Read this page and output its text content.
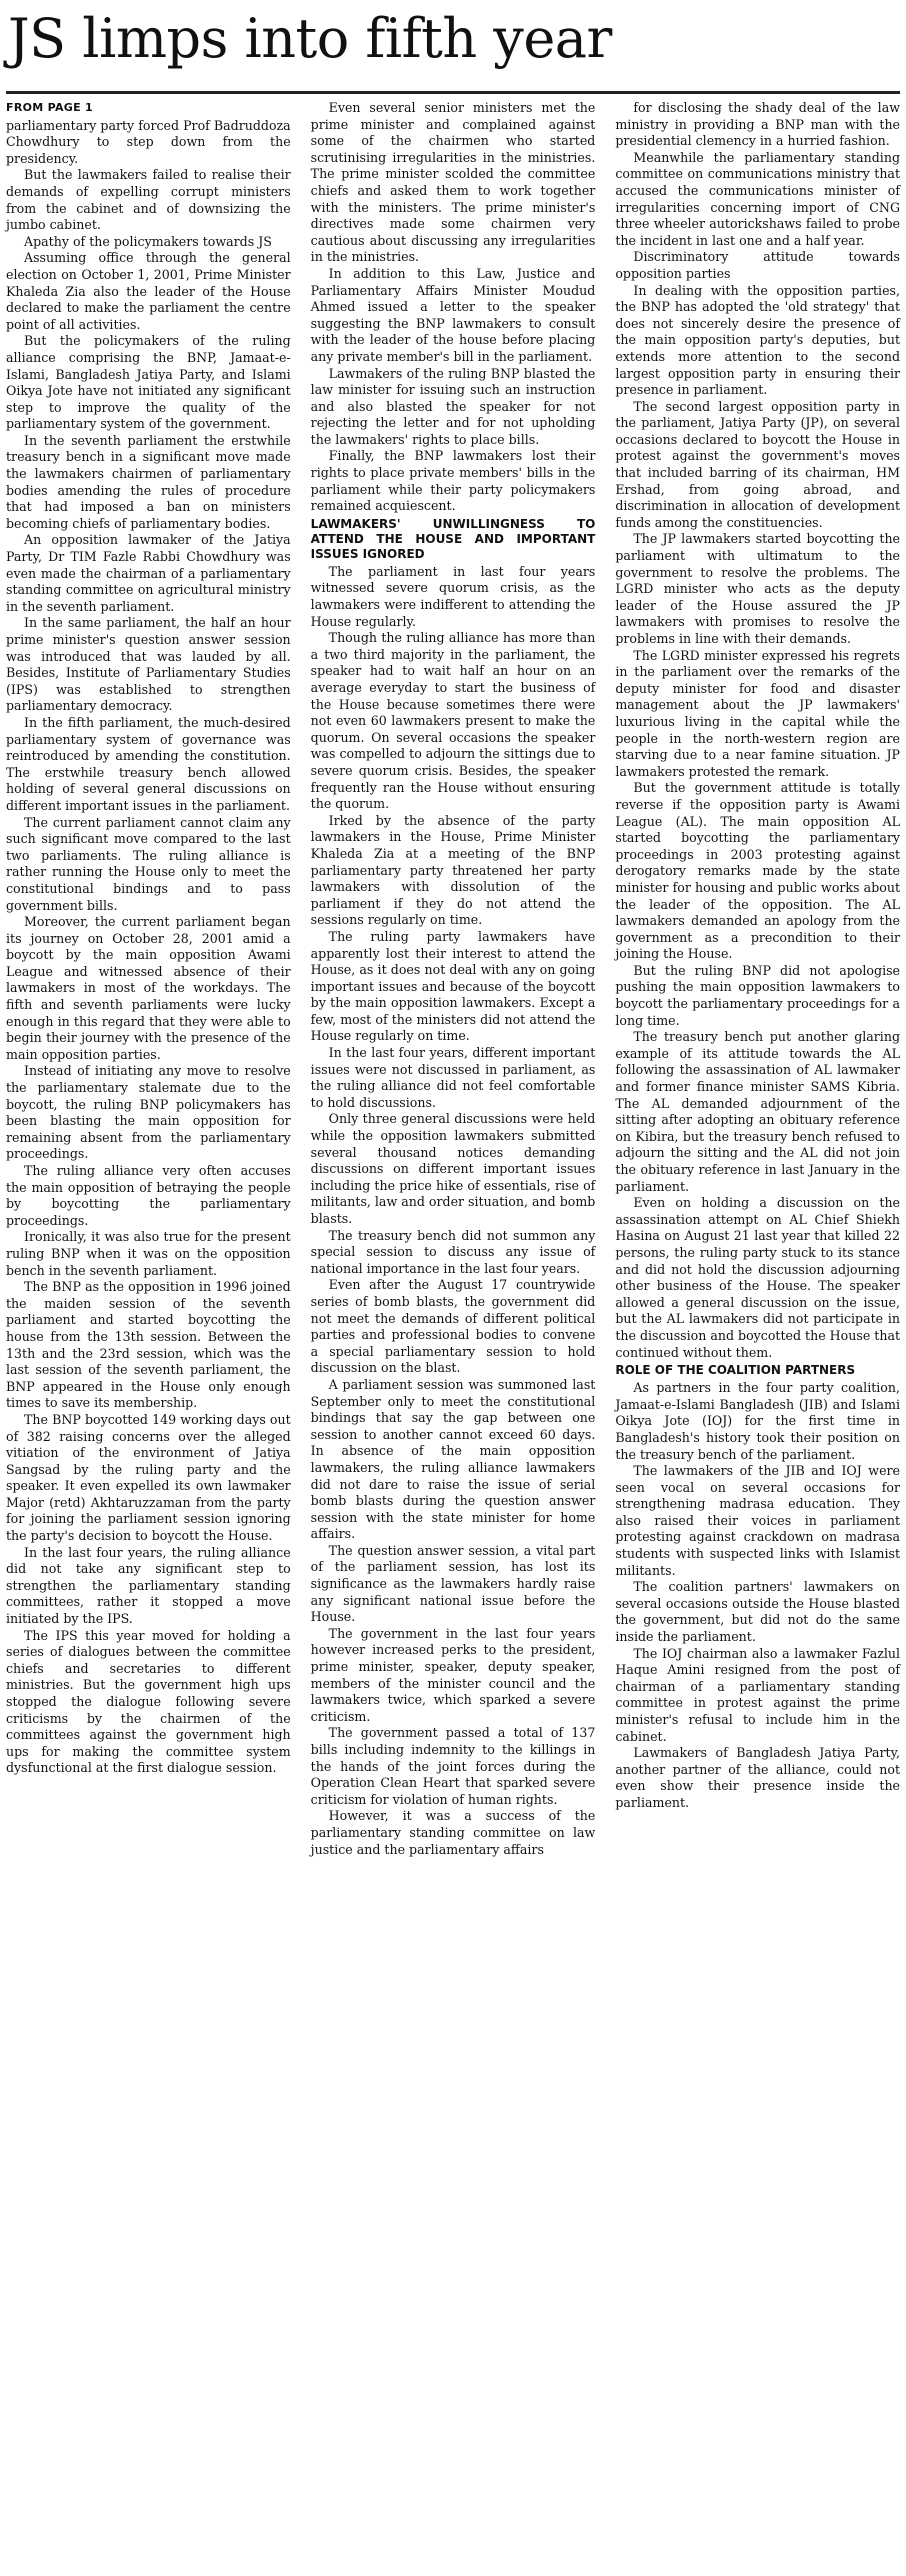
JS limps into fifth year
FROM PAGE 1

parliamentary party forced Prof Badruddoza Chowdhury to step down from the presidency.

But the lawmakers failed to realise their demands of expelling corrupt ministers from the cabinet and of downsizing the jumbo cabinet.

Apathy of the policymakers towards JS

Assuming office through the general election on October 1, 2001, Prime Minister Khaleda Zia also the leader of the House declared to make the parliament the centre point of all activities.

But the policymakers of the ruling alliance comprising the BNP, Jamaat-e-Islami, Bangladesh Jatiya Party, and Islami Oikya Jote have not initiated any significant step to improve the quality of the parliamentary system of the government.

In the seventh parliament the erstwhile treasury bench in a significant move made the lawmakers chairmen of parliamentary bodies amending the rules of procedure that had imposed a ban on ministers becoming chiefs of parliamentary bodies.

An opposition lawmaker of the Jatiya Party, Dr TIM Fazle Rabbi Chowdhury was even made the chairman of a parliamentary standing committee on agricultural ministry in the seventh parliament.

In the same parliament, the half an hour prime minister's question answer session was introduced that was lauded by all. Besides, Institute of Parliamentary Studies (IPS) was established to strengthen parliamentary democracy.

In the fifth parliament, the much-desired parliamentary system of governance was reintroduced by amending the constitution. The erstwhile treasury bench allowed holding of several general discussions on different important issues in the parliament.

The current parliament cannot claim any such significant move compared to the last two parliaments. The ruling alliance is rather running the House only to meet the constitutional bindings and to pass government bills.

Moreover, the current parliament began its journey on October 28, 2001 amid a boycott by the main opposition Awami League and witnessed absence of their lawmakers in most of the workdays. The fifth and seventh parliaments were lucky enough in this regard that they were able to begin their journey with the presence of the main opposition parties.

Instead of initiating any move to resolve the parliamentary stalemate due to the boycott, the ruling BNP policymakers has been blasting the main opposition for remaining absent from the parliamentary proceedings.

The ruling alliance very often accuses the main opposition of betraying the people by boycotting the parliamentary proceedings.

Ironically, it was also true for the present ruling BNP when it was on the opposition bench in the seventh parliament.

The BNP as the opposition in 1996 joined the maiden session of the seventh parliament and started boycotting the house from the 13th session. Between the 13th and the 23rd session, which was the last session of the seventh parliament, the BNP appeared in the House only enough times to save its membership.

The BNP boycotted 149 working days out of 382 raising concerns over the alleged vitiation of the environment of Jatiya Sangsad by the ruling party and the speaker. It even expelled its own lawmaker Major (retd) Akhtaruzzaman from the party for joining the parliament session ignoring the party's decision to boycott the House.

In the last four years, the ruling alliance did not take any significant step to strengthen the parliamentary standing committees, rather it stopped a move initiated by the IPS.

The IPS this year moved for holding a series of dialogues between the committee chiefs and secretaries to different ministries. But the government high ups stopped the dialogue following severe criticisms by the chairmen of the committees against the government high ups for making the committee system dysfunctional at the first dialogue session.

Even several senior ministers met the prime minister and complained against some of the chairmen who started scrutinising irregularities in the ministries. The prime minister scolded the committee chiefs and asked them to work together with the ministers. The prime minister's directives made some chairmen very cautious about discussing any irregularities in the ministries.

In addition to this Law, Justice and Parliamentary Affairs Minister Moudud Ahmed issued a letter to the speaker suggesting the BNP lawmakers to consult with the leader of the house before placing any private member's bill in the parliament.

Lawmakers of the ruling BNP blasted the law minister for issuing such an instruction and also blasted the speaker for not rejecting the letter and for not upholding the lawmakers' rights to place bills.

Finally, the BNP lawmakers lost their rights to place private members' bills in the parliament while their party policymakers remained acquiescent.

LAWMAKERS' UNWILLINGNESS TO ATTEND THE HOUSE AND IMPORTANT ISSUES IGNORED

The parliament in last four years witnessed severe quorum crisis, as the lawmakers were indifferent to attending the House regularly.

Though the ruling alliance has more than a two third majority in the parliament, the speaker had to wait half an hour on an average everyday to start the business of the House because sometimes there were not even 60 lawmakers present to make the quorum. On several occasions the speaker was compelled to adjourn the sittings due to severe quorum crisis. Besides, the speaker frequently ran the House without ensuring the quorum.

Irked by the absence of the party lawmakers in the House, Prime Minister Khaleda Zia at a meeting of the BNP parliamentary party threatened her party lawmakers with dissolution of the parliament if they do not attend the sessions regularly on time.

The ruling party lawmakers have apparently lost their interest to attend the House, as it does not deal with any on going important issues and because of the boycott by the main opposition lawmakers. Except a few, most of the ministers did not attend the House regularly on time.

In the last four years, different important issues were not discussed in parliament, as the ruling alliance did not feel comfortable to hold discussions.

Only three general discussions were held while the opposition lawmakers submitted several thousand notices demanding discussions on different important issues including the price hike of essentials, rise of militants, law and order situation, and bomb blasts.

The treasury bench did not summon any special session to discuss any issue of national importance in the last four years.

Even after the August 17 countrywide series of bomb blasts, the government did not meet the demands of different political parties and professional bodies to convene a special parliamentary session to hold discussion on the blast.

A parliament session was summoned last September only to meet the constitutional bindings that say the gap between one session to another cannot exceed 60 days. In absence of the main opposition lawmakers, the ruling alliance lawmakers did not dare to raise the issue of serial bomb blasts during the question answer session with the state minister for home affairs.

The question answer session, a vital part of the parliament session, has lost its significance as the lawmakers hardly raise any significant national issue before the House.

The government in the last four years however increased perks to the president, prime minister, speaker, deputy speaker, members of the minister council and the lawmakers twice, which sparked a severe criticism.

The government passed a total of 137 bills including indemnity to the killings in the hands of the joint forces during the Operation Clean Heart that sparked severe criticism for violation of human rights.

However, it was a success of the parliamentary standing committee on law justice and the parliamentary affairs

for disclosing the shady deal of the law ministry in providing a BNP man with the presidential clemency in a hurried fashion.

Meanwhile the parliamentary standing committee on communications ministry that accused the communications minister of irregularities concerning import of CNG three wheeler autorickshaws failed to probe the incident in last one and a half year.

Discriminatory attitude towards opposition parties

In dealing with the opposition parties, the BNP has adopted the 'old strategy' that does not sincerely desire the presence of the main opposition party's deputies, but extends more attention to the second largest opposition party in ensuring their presence in parliament.

The second largest opposition party in the parliament, Jatiya Party (JP), on several occasions declared to boycott the House in protest against the government's moves that included barring of its chairman, HM Ershad, from going abroad, and discrimination in allocation of development funds among the constituencies.

The JP lawmakers started boycotting the parliament with ultimatum to the government to resolve the problems. The LGRD minister who acts as the deputy leader of the House assured the JP lawmakers with promises to resolve the problems in line with their demands.

The LGRD minister expressed his regrets in the parliament over the remarks of the deputy minister for food and disaster management about the JP lawmakers' luxurious living in the capital while the people in the north-western region are starving due to a near famine situation. JP lawmakers protested the remark.

But the government attitude is totally reverse if the opposition party is Awami League (AL). The main opposition AL started boycotting the parliamentary proceedings in 2003 protesting against derogatory remarks made by the state minister for housing and public works about the leader of the opposition. The AL lawmakers demanded an apology from the government as a precondition to their joining the House.

But the ruling BNP did not apologise pushing the main opposition lawmakers to boycott the parliamentary proceedings for a long time.

The treasury bench put another glaring example of its attitude towards the AL following the assassination of AL lawmaker and former finance minister SAMS Kibria. The AL demanded adjournment of the sitting after adopting an obituary reference on Kibira, but the treasury bench refused to adjourn the sitting and the AL did not join the obituary reference in last January in the parliament.

Even on holding a discussion on the assassination attempt on AL Chief Shiekh Hasina on August 21 last year that killed 22 persons, the ruling party stuck to its stance and did not hold the discussion adjourning other business of the House. The speaker allowed a general discussion on the issue, but the AL lawmakers did not participate in the discussion and boycotted the House that continued without them.

ROLE OF THE COALITION PARTNERS

As partners in the four party coalition, Jamaat-e-Islami Bangladesh (JIB) and Islami Oikya Jote (IOJ) for the first time in Bangladesh's history took their position on the treasury bench of the parliament.

The lawmakers of the JIB and IOJ were seen vocal on several occasions for strengthening madrasa education. They also raised their voices in parliament protesting against crackdown on madrasa students with suspected links with Islamist militants.

The coalition partners' lawmakers on several occasions outside the House blasted the government, but did not do the same inside the parliament.

The IOJ chairman also a lawmaker Fazlul Haque Amini resigned from the post of chairman of a parliamentary standing committee in protest against the prime minister's refusal to include him in the cabinet.

Lawmakers of Bangladesh Jatiya Party, another partner of the alliance, could not even show their presence inside the parliament.
